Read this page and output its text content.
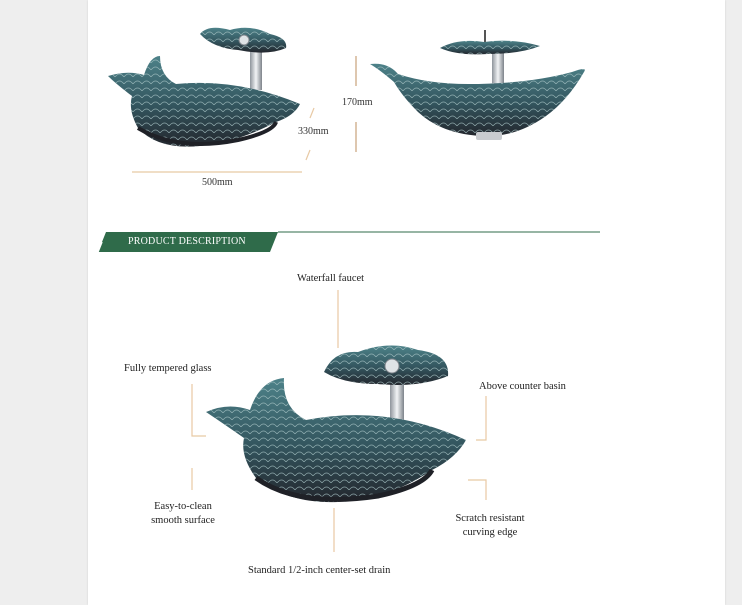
500mm
330mm
170mm
PRODUCT DESCRIPTION
Waterfall faucet
Fully tempered glass
Above counter basin
Easy-to-clean
smooth surface	Scratch resistant
curving edge
Standard 1/2-inch center-set drain
